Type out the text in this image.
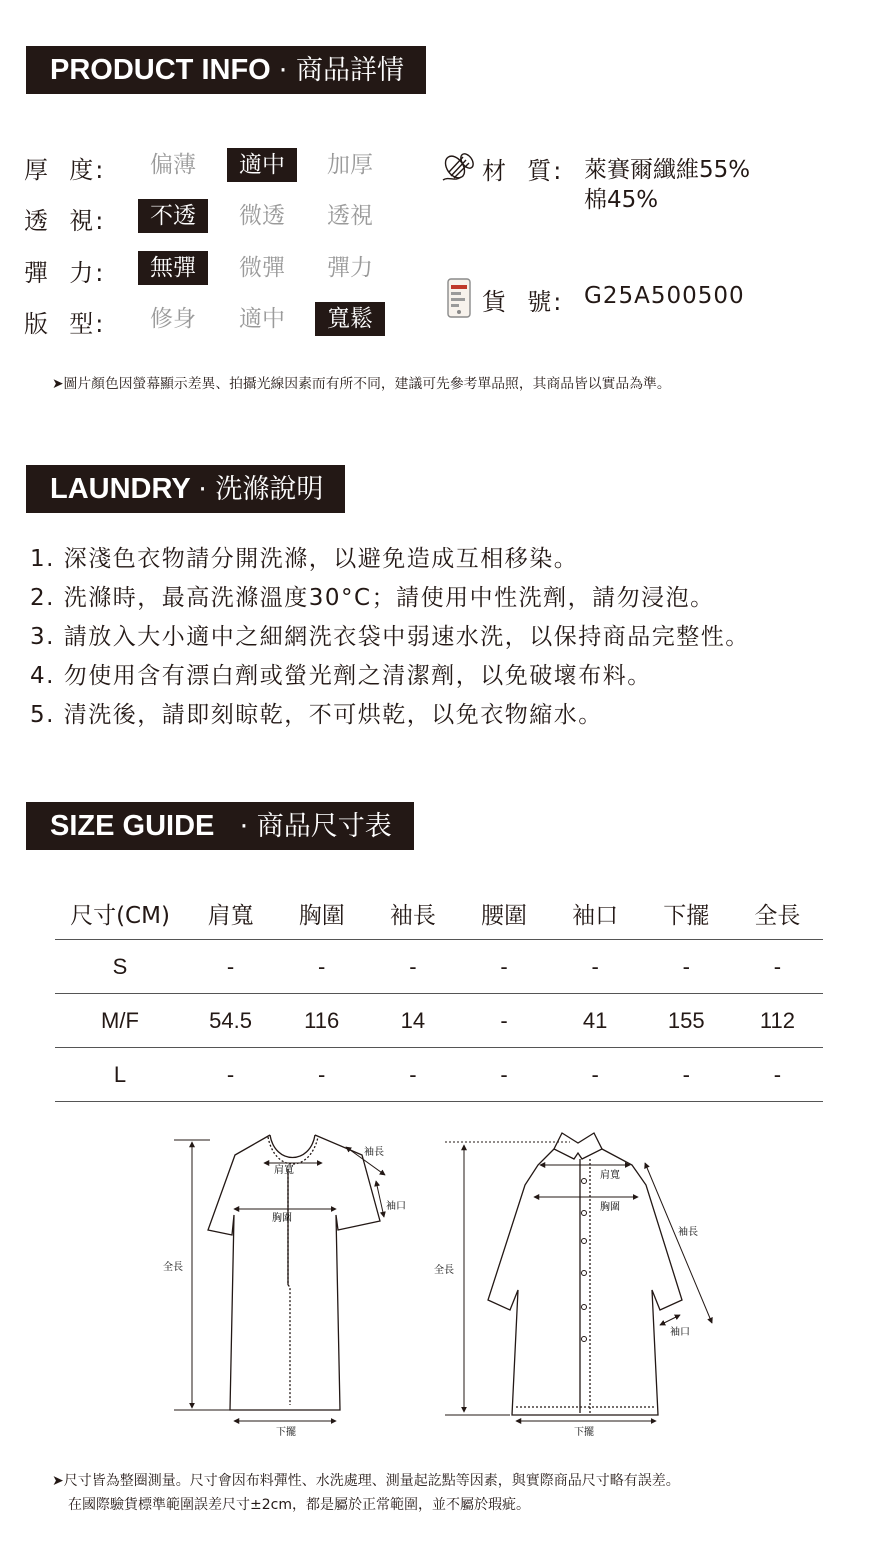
PRODUCT INFO · 商品詳情
厚  度:	偏薄	適中	加厚
透  視:	不透	微透	透視
彈  力:	無彈	微彈	彈力
版  型:	修身	適中	寬鬆
材  質: 萊賽爾纖維55%
棉45%
貨  號: G25A500500
➤圖片顏色因螢幕顯示差異、拍攝光線因素而有所不同，建議可先參考單品照，其商品皆以實品為準。
LAUNDRY · 洗滌說明
1. 深淺色衣物請分開洗滌，以避免造成互相移染。
2. 洗滌時，最高洗滌溫度30°C；請使用中性洗劑，請勿浸泡。
3. 請放入大小適中之細網洗衣袋中弱速水洗，以保持商品完整性。
4. 勿使用含有漂白劑或螢光劑之清潔劑，以免破壞布料。
5. 清洗後，請即刻晾乾，不可烘乾，以免衣物縮水。
SIZE GUIDE · 商品尺寸表
尺寸(CM)	肩寬	胸圍	袖長	腰圍	袖口	下擺	全長
S	-	-	-	-	-	-	-
M/F	54.5	116	14	-	41	155	112
L	-	-	-	-	-	-	-
肩寬
袖長
袖口
胸圍
全長
下擺
肩寬
胸圍
袖長
全長
袖口
下擺
➤尺寸皆為整圈測量。尺寸會因布料彈性、水洗處理、測量起訖點等因素，與實際商品尺寸略有誤差。
在國際驗貨標準範圍誤差尺寸±2cm，都是屬於正常範圍，並不屬於瑕疵。
